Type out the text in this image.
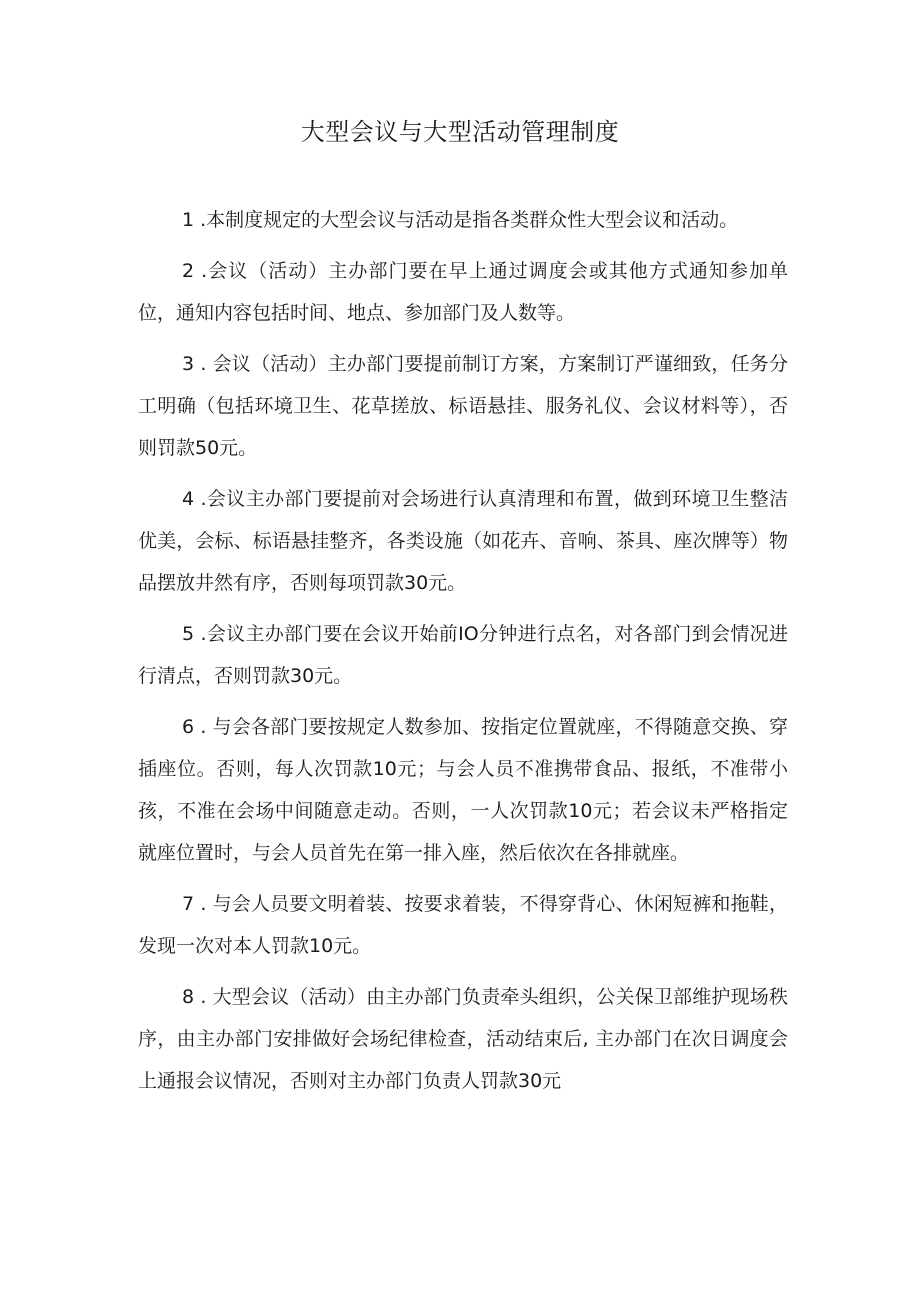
大型会议与大型活动管理制度

1 .本制度规定的大型会议与活动是指各类群众性大型会议和活动。

2 .会议（活动）主办部门要在早上通过调度会或其他方式通知参加单位，通知内容包括时间、地点、参加部门及人数等。

3 . 会议（活动）主办部门要提前制订方案，方案制订严谨细致，任务分工明确（包括环境卫生、花草搓放、标语悬挂、服务礼仪、会议材料等），否则罚款50元。

4 .会议主办部门要提前对会场进行认真清理和布置，做到环境卫生整洁优美，会标、标语悬挂整齐，各类设施（如花卉、音响、茶具、座次牌等）物品摆放井然有序，否则每项罚款30元。

5 .会议主办部门要在会议开始前IO分钟进行点名，对各部门到会情况进行清点，否则罚款30元。

6 . 与会各部门要按规定人数参加、按指定位置就座，不得随意交换、穿插座位。否则，每人次罚款10元；与会人员不准携带食品、报纸，不准带小孩，不准在会场中间随意走动。否则，一人次罚款10元；若会议未严格指定就座位置时，与会人员首先在第一排入座，然后依次在各排就座。

7 . 与会人员要文明着装、按要求着装，不得穿背心、休闲短裤和拖鞋，发现一次对本人罚款10元。

8 . 大型会议（活动）由主办部门负责牵头组织，公关保卫部维护现场秩序，由主办部门安排做好会场纪律检查，活动结束后, 主办部门在次日调度会上通报会议情况，否则对主办部门负责人罚款30元
